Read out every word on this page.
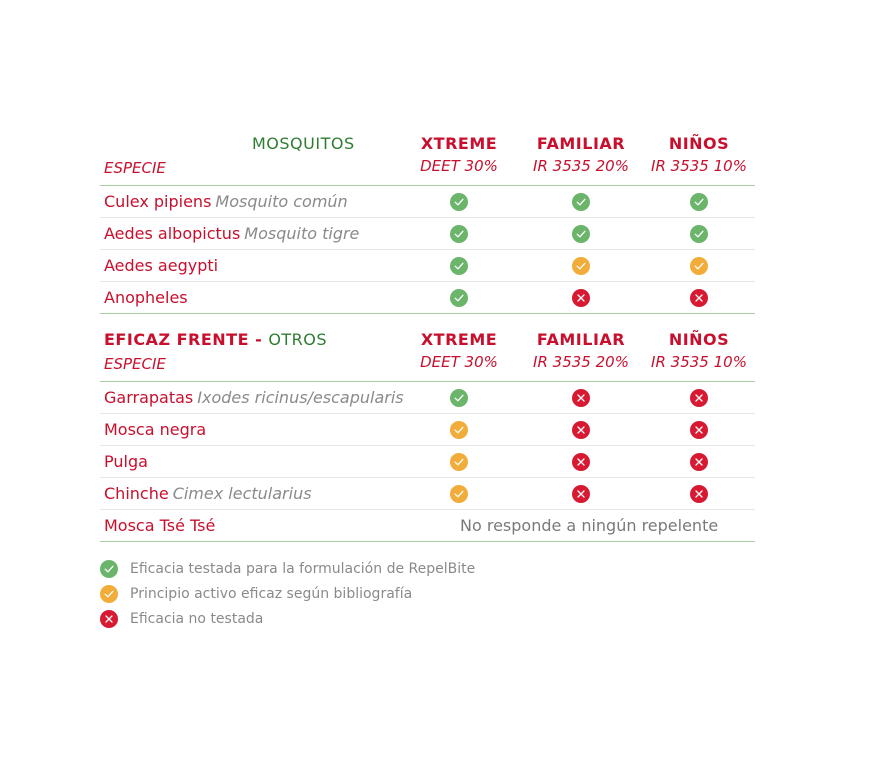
MOSQUITOS
ESPECIE
XTREME
DEET 30%
FAMILIAR
IR 3535 20%
NIÑOS
IR 3535 10%
Culex pipiens Mosquito común
Aedes albopictus Mosquito tigre
Aedes aegypti
Anopheles
EFICAZ FRENTE - OTROS
ESPECIE
XTREME
DEET 30%
FAMILIAR
IR 3535 20%
NIÑOS
IR 3535 10%
Garrapatas Ixodes ricinus/escapularis
Mosca negra
Pulga
Chinche Cimex lectularius
Mosca Tsé Tsé	No responde a ningún repelente
Eficacia testada para la formulación de RepelBite
Principio activo eficaz según bibliografía
Eficacia no testada
